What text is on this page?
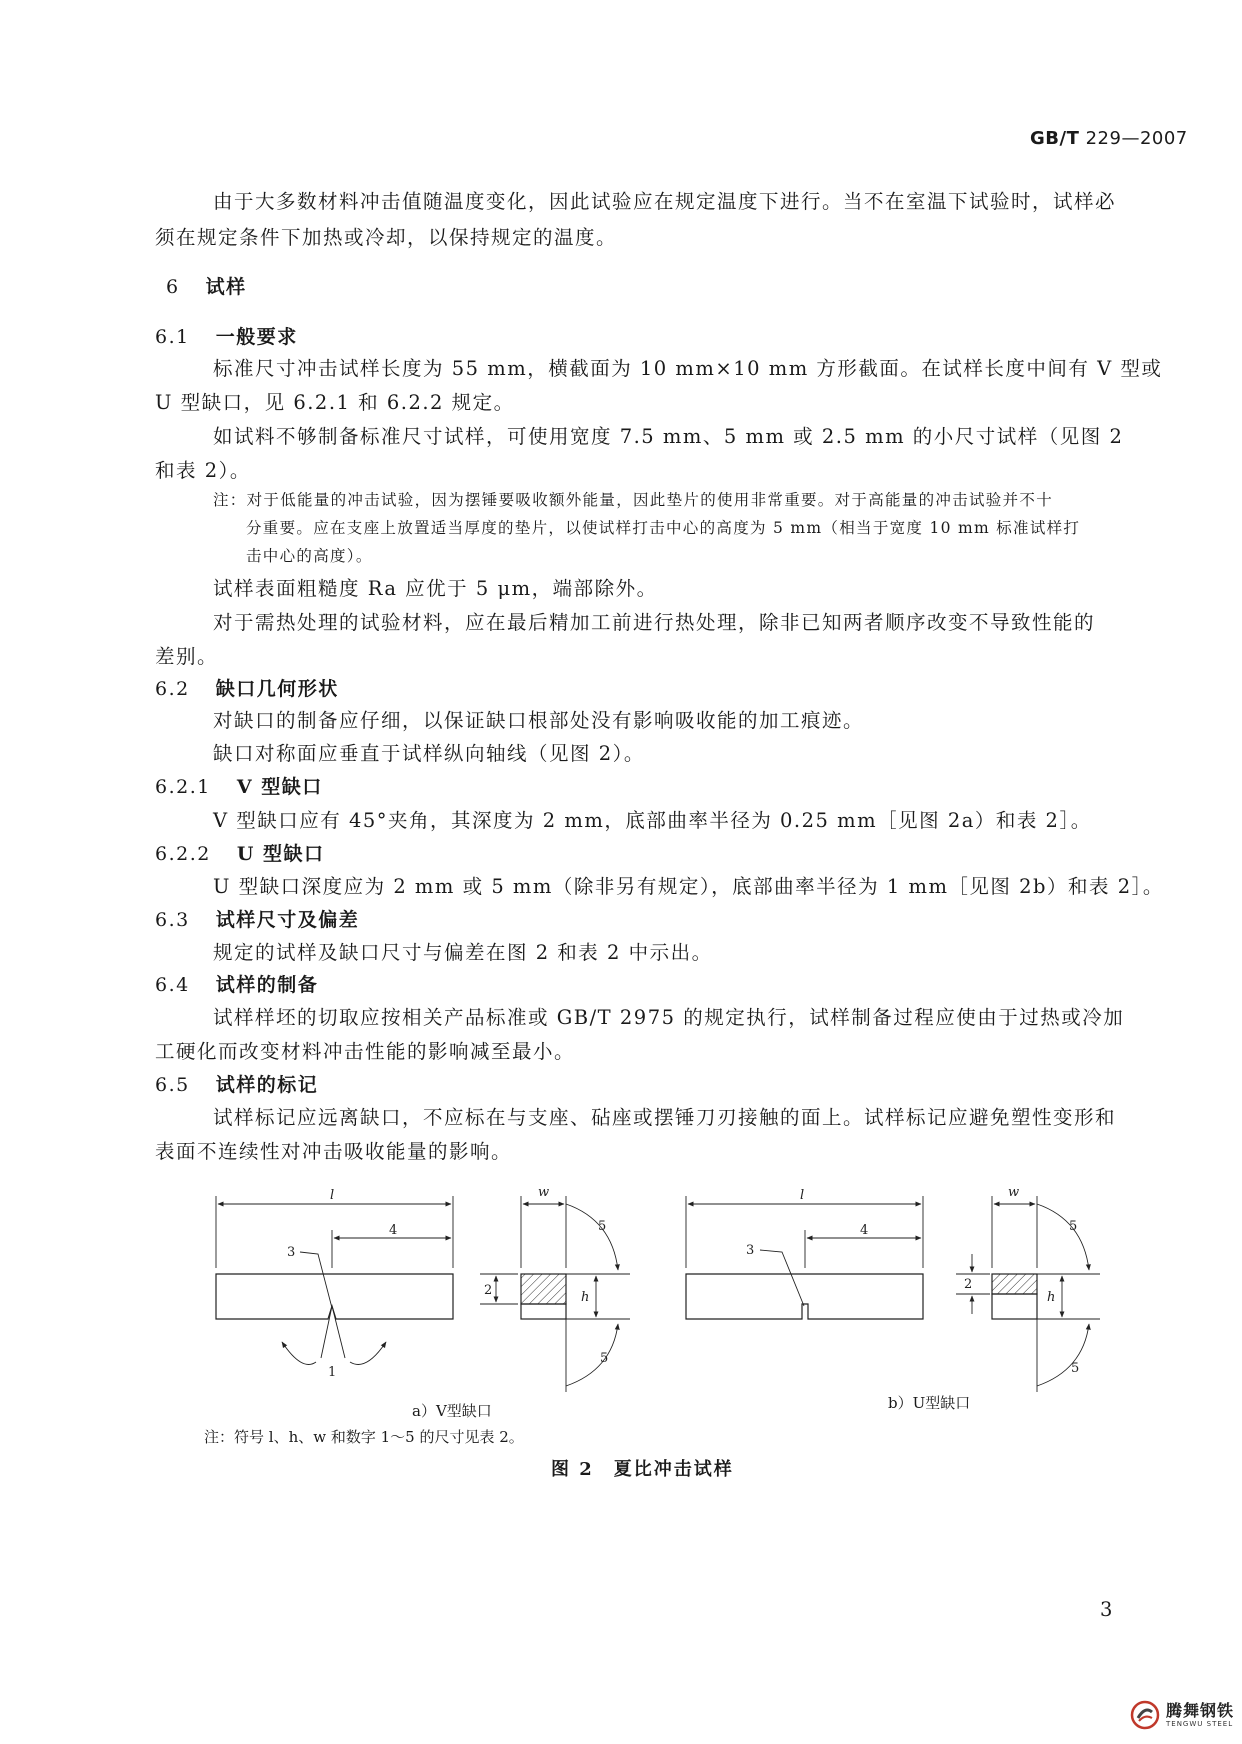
GB/T 229—2007
由于大多数材料冲击值随温度变化，因此试验应在规定温度下进行。当不在室温下试验时，试样必
须在规定条件下加热或冷却，以保持规定的温度。
6 试样
6.1 一般要求
标准尺寸冲击试样长度为 55 mm，横截面为 10 mm×10 mm 方形截面。在试样长度中间有 V 型或
U 型缺口，见 6.2.1 和 6.2.2 规定。
如试料不够制备标准尺寸试样，可使用宽度 7.5 mm、5 mm 或 2.5 mm 的小尺寸试样（见图 2
和表 2）。
注：对于低能量的冲击试验，因为摆锤要吸收额外能量，因此垫片的使用非常重要。对于高能量的冲击试验并不十
分重要。应在支座上放置适当厚度的垫片，以使试样打击中心的高度为 5 mm（相当于宽度 10 mm 标准试样打
击中心的高度）。
试样表面粗糙度 Ra 应优于 5 μm，端部除外。
对于需热处理的试验材料，应在最后精加工前进行热处理，除非已知两者顺序改变不导致性能的
差别。
6.2 缺口几何形状
对缺口的制备应仔细，以保证缺口根部处没有影响吸收能的加工痕迹。
缺口对称面应垂直于试样纵向轴线（见图 2）。
6.2.1 V 型缺口
V 型缺口应有 45°夹角，其深度为 2 mm，底部曲率半径为 0.25 mm［见图 2a）和表 2］。
6.2.2 U 型缺口
U 型缺口深度应为 2 mm 或 5 mm（除非另有规定），底部曲率半径为 1 mm［见图 2b）和表 2］。
6.3 试样尺寸及偏差
规定的试样及缺口尺寸与偏差在图 2 和表 2 中示出。
6.4 试样的制备
试样样坯的切取应按相关产品标准或 GB/T 2975 的规定执行，试样制备过程应使由于过热或冷加
工硬化而改变材料冲击性能的影响减至最小。
6.5 试样的标记
试样标记应远离缺口，不应标在与支座、砧座或摆锤刀刃接触的面上。试样标记应避免塑性变形和
表面不连续性对冲击吸收能量的影响。
l
4
3
1
w
2	h
5
5
l
4
3
w
2
h
5
5
a）V型缺口	b）U型缺口
注：符号 l、h、w 和数字 1～5 的尺寸见表 2。
图 2　夏比冲击试样
3
腾舞钢铁
TENGWU STEEL
